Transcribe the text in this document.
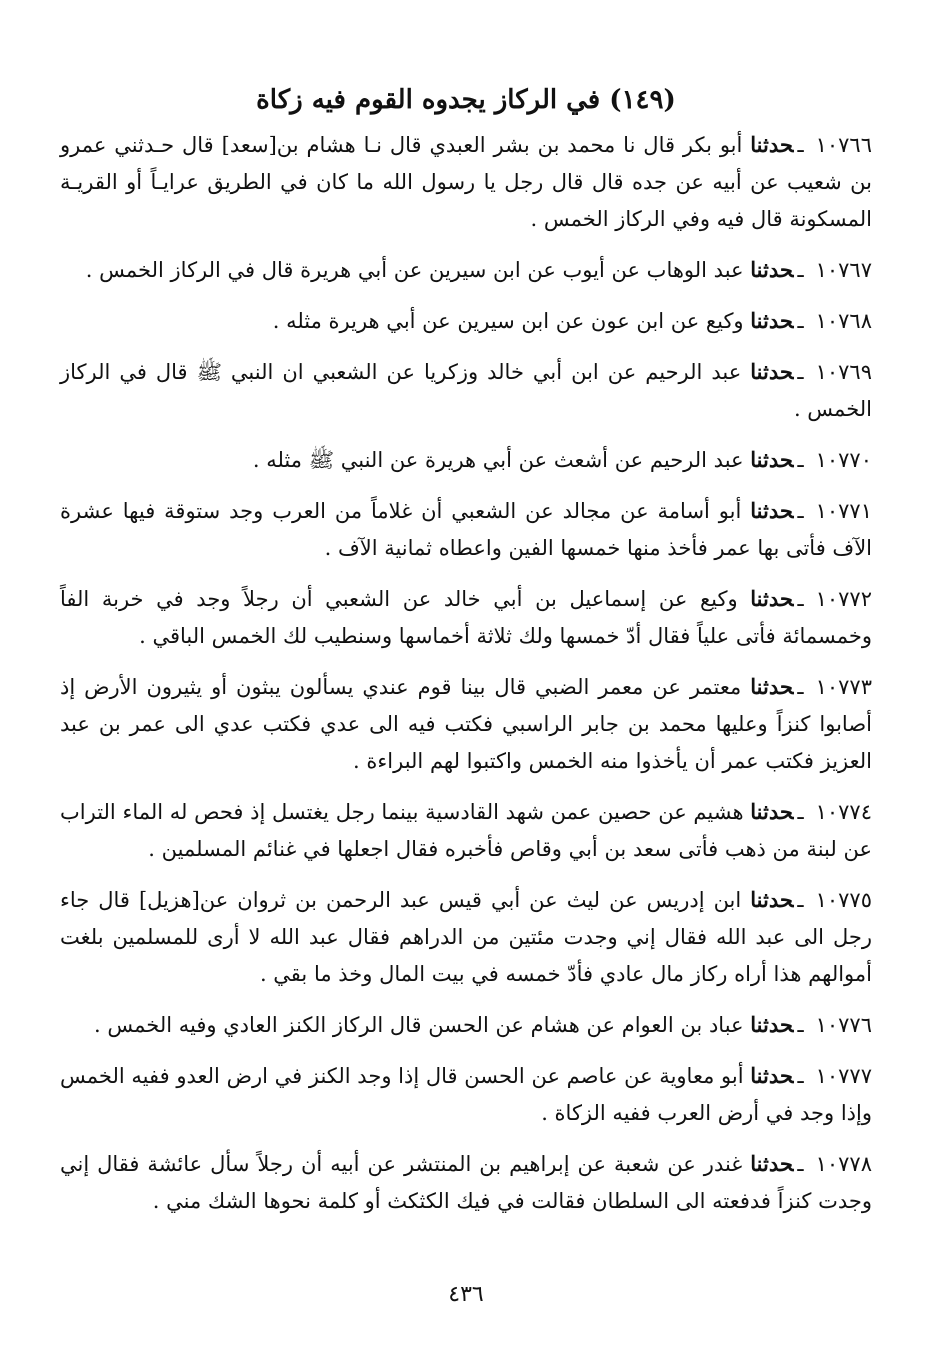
(١٤٩) في الركاز يجدوه القوم فيه زكاة

١٠٧٦٦ـحدثنا أبو بكر قال نا محمد بن بشر العبدي قال نـا هشام بن[سعد] قال حـدثني عمرو بن شعيب عن أبيه عن جده قال قال رجل يا رسول الله ما كان في الطريق عرايـاً أو القريـة المسكونة قال فيه وفي الركاز الخمس .

١٠٧٦٧ـحدثنا عبد الوهاب عن أيوب عن ابن سيرين عن أبي هريرة قال في الركاز الخمس .

١٠٧٦٨ـحدثنا وكيع عن ابن عون عن ابن سيرين عن أبي هريرة مثله .

١٠٧٦٩ـحدثنا عبد الرحيم عن ابن أبي خالد وزكريا عن الشعبي ان النبي ﷺ قال في الركاز الخمس .

١٠٧٧٠ـحدثنا عبد الرحيم عن أشعث عن أبي هريرة عن النبي ﷺ مثله .

١٠٧٧١ـحدثنا أبو أسامة عن مجالد عن الشعبي أن غلاماً من العرب وجد ستوقة فيها عشرة الآف فأتى بها عمر فأخذ منها خمسها الفين واعطاه ثمانية الآف .

١٠٧٧٢ـحدثنا وكيع عن إسماعيل بن أبي خالد عن الشعبي أن رجلاً وجد في خربة الفاً وخمسمائة فأتى علياً فقال أدّ خمسها ولك ثلاثة أخماسها وسنطيب لك الخمس الباقي .

١٠٧٧٣ـحدثنا معتمر عن معمر الضبي قال بينا قوم عندي يسألون يبثون أو يثيرون الأرض إذ أصابوا كنزاً وعليها محمد بن جابر الراسبي فكتب فيه الى عدي فكتب عدي الى عمر بن عبد العزيز فكتب عمر أن يأخذوا منه الخمس واكتبوا لهم البراءة .

١٠٧٧٤ـحدثنا هشيم عن حصين عمن شهد القادسية بينما رجل يغتسل إذ فحص له الماء التراب عن لبنة من ذهب فأتى سعد بن أبي وقاص فأخبره فقال اجعلها في غنائم المسلمين .

١٠٧٧٥ـحدثنا ابن إدريس عن ليث عن أبي قيس عبد الرحمن بن ثروان عن[هزيل] قال جاء رجل الى عبد الله فقال إني وجدت مئتين من الدراهم فقال عبد الله لا أرى للمسلمين بلغت أموالهم هذا أراه ركاز مال عادي فأدّ خمسه في بيت المال وخذ ما بقي .

١٠٧٧٦ـحدثنا عباد بن العوام عن هشام عن الحسن قال الركاز الكنز العادي وفيه الخمس .

١٠٧٧٧ـحدثنا أبو معاوية عن عاصم عن الحسن قال إذا وجد الكنز في ارض العدو ففيه الخمس وإذا وجد في أرض العرب ففيه الزكاة .

١٠٧٧٨ـحدثنا غندر عن شعبة عن إبراهيم بن المنتشر عن أبيه أن رجلاً سأل عائشة فقال إني وجدت كنزاً فدفعته الى السلطان فقالت في فيك الكثكث أو كلمة نحوها الشك مني .

٤٣٦
